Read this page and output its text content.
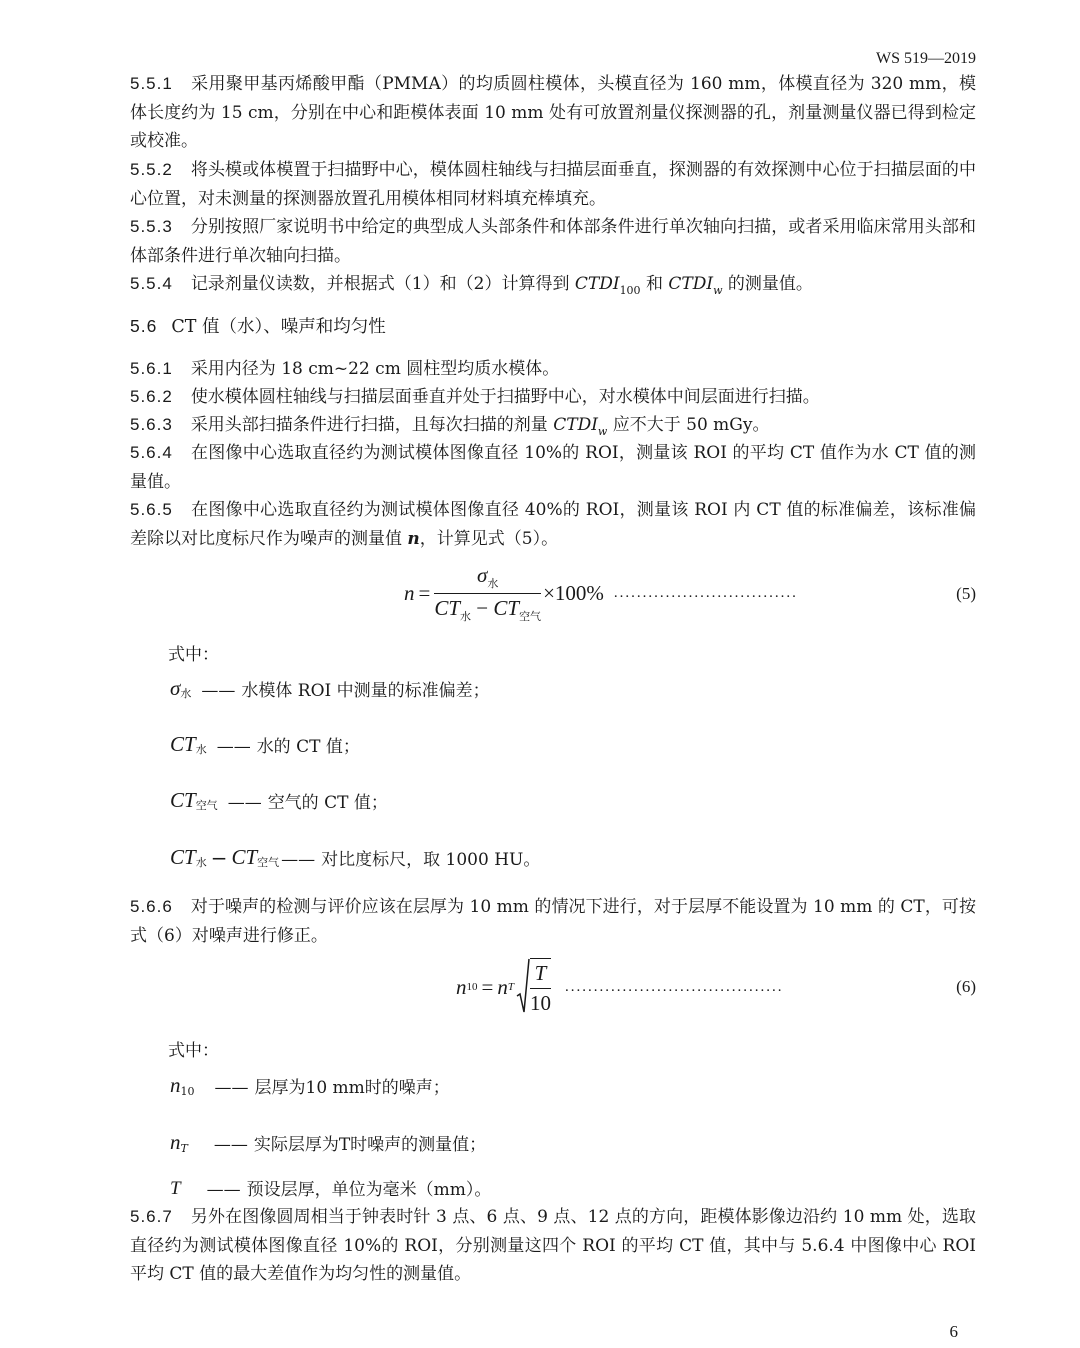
WS 519—2019
5.5.1 采用聚甲基丙烯酸甲酯（PMMA）的均质圆柱模体，头模直径为 160 mm，体模直径为 320 mm，模体长度约为 15 cm，分别在中心和距模体表面 10 mm 处有可放置剂量仪探测器的孔，剂量测量仪器已得到检定或校准。
5.5.2 将头模或体模置于扫描野中心，模体圆柱轴线与扫描层面垂直，探测器的有效探测中心位于扫描层面的中心位置，对未测量的探测器放置孔用模体相同材料填充棒填充。
5.5.3 分别按照厂家说明书中给定的典型成人头部条件和体部条件进行单次轴向扫描，或者采用临床常用头部和体部条件进行单次轴向扫描。
5.5.4 记录剂量仪读数，并根据式（1）和（2）计算得到 $CTDI_{100}$ 和 $CTDI_w$ 的测量值。
5.6 CT 值（水）、噪声和均匀性
5.6.1 采用内径为 18 cm~22 cm 圆柱型均质水模体。
5.6.2 使水模体圆柱轴线与扫描层面垂直并处于扫描野中心，对水模体中间层面进行扫描。
5.6.3 采用头部扫描条件进行扫描，且每次扫描的剂量 $CTDI_w$ 应不大于 50 mGy。
5.6.4 在图像中心选取直径约为测试模体图像直径 10%的 ROI，测量该 ROI 的平均 CT 值作为水 CT 值的测量值。
5.6.5 在图像中心选取直径约为测试模体图像直径 40%的 ROI，测量该 ROI 内 CT 值的标准偏差，该标准偏差除以对比度标尺作为噪声的测量值 n，计算见式（5）。
$n = \frac{\sigma_水}{CT_水 - CT_{空气}} \times 100\%$ ................................	(5)
式中：
σ 水 —— 水模体 ROI 中测量的标准偏差；
CT 水 —— 水的 CT 值；
CT 空气 —— 空气的 CT 值；
CT 水 − CT 空气 —— 对比度标尺，取 1000 HU。
5.6.6 对于噪声的检测与评价应该在层厚为 10 mm 的情况下进行，对于层厚不能设置为 10 mm 的 CT，可按式（6）对噪声进行修正。
n 10 = n T $\frac{T}{10}$ ......................................	(6)
式中：
n 10 —— 层厚为10 mm时的噪声；
n T —— 实际层厚为T时噪声的测量值；
T —— 预设层厚，单位为毫米（mm）。
5.6.7 另外在图像圆周相当于钟表时针 3 点、6 点、9 点、12 点的方向，距模体影像边沿约 10 mm 处，选取直径约为测试模体图像直径 10%的 ROI，分别测量这四个 ROI 的平均 CT 值，其中与 5.6.4 中图像中心 ROI 平均 CT 值的最大差值作为均匀性的测量值。
6
